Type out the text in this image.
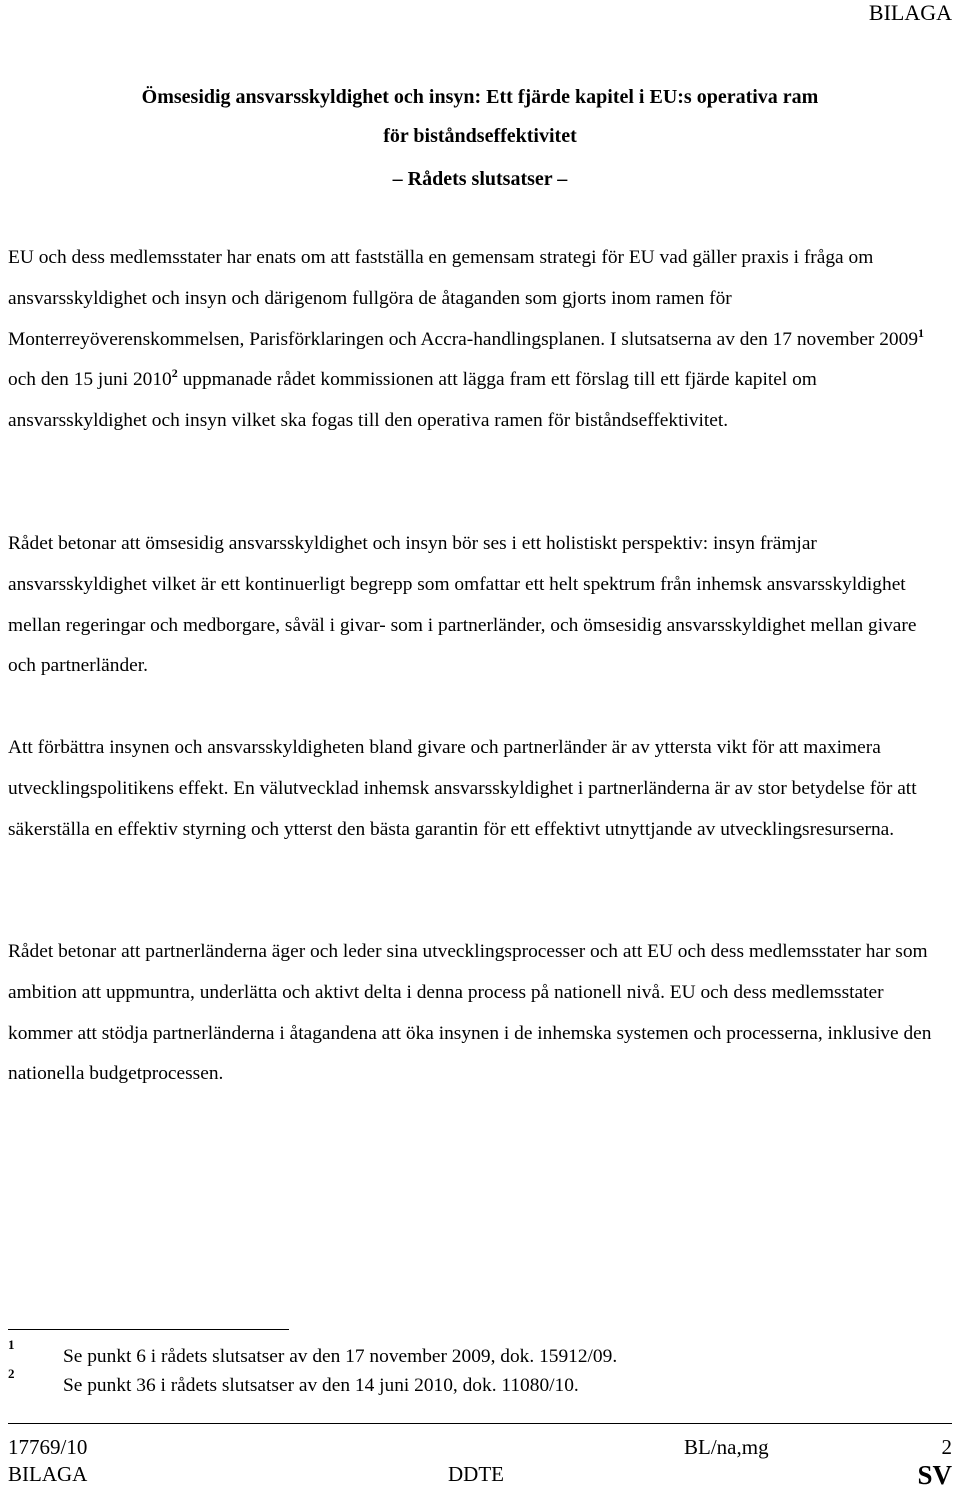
BILAGA
Ömsesidig ansvarsskyldighet och insyn: Ett fjärde kapitel i EU:s operativa ram
för biståndseffektivitet
– Rådets slutsatser –
EU och dess medlemsstater har enats om att fastställa en gemensam strategi för EU vad gäller praxis i fråga om ansvarsskyldighet och insyn och därigenom fullgöra de åtaganden som gjorts inom ramen för Monterreyöverenskommelsen, Parisförklaringen och Accra-handlingsplanen. I slutsatserna av den 17 november 2009$^1$ och den 15 juni 2010$^2$ uppmanade rådet kommissionen att lägga fram ett förslag till ett fjärde kapitel om ansvarsskyldighet och insyn vilket ska fogas till den operativa ramen för biståndseffektivitet.
Rådet betonar att ömsesidig ansvarsskyldighet och insyn bör ses i ett holistiskt perspektiv: insyn främjar ansvarsskyldighet vilket är ett kontinuerligt begrepp som omfattar ett helt spektrum från inhemsk ansvarsskyldighet mellan regeringar och medborgare, såväl i givar- som i partnerländer, och ömsesidig ansvarsskyldighet mellan givare och partnerländer.
Att förbättra insynen och ansvarsskyldigheten bland givare och partnerländer är av yttersta vikt för att maximera utvecklingspolitikens effekt. En välutvecklad inhemsk ansvarsskyldighet i partnerländerna är av stor betydelse för att säkerställa en effektiv styrning och ytterst den bästa garantin för ett effektivt utnyttjande av utvecklingsresurserna.
Rådet betonar att partnerländerna äger och leder sina utvecklingsprocesser och att EU och dess medlemsstater har som ambition att uppmuntra, underlätta och aktivt delta i denna process på nationell nivå. EU och dess medlemsstater kommer att stödja partnerländerna i åtagandena att öka insynen i de inhemska systemen och processerna, inklusive den nationella budgetprocessen.
1
Se punkt 6 i rådets slutsatser av den 17 november 2009, dok. 15912/09.
2
Se punkt 36 i rådets slutsatser av den 14 juni 2010, dok. 11080/10.
17769/10	BL/na,mg	2
BILAGA	DDTE	SV
